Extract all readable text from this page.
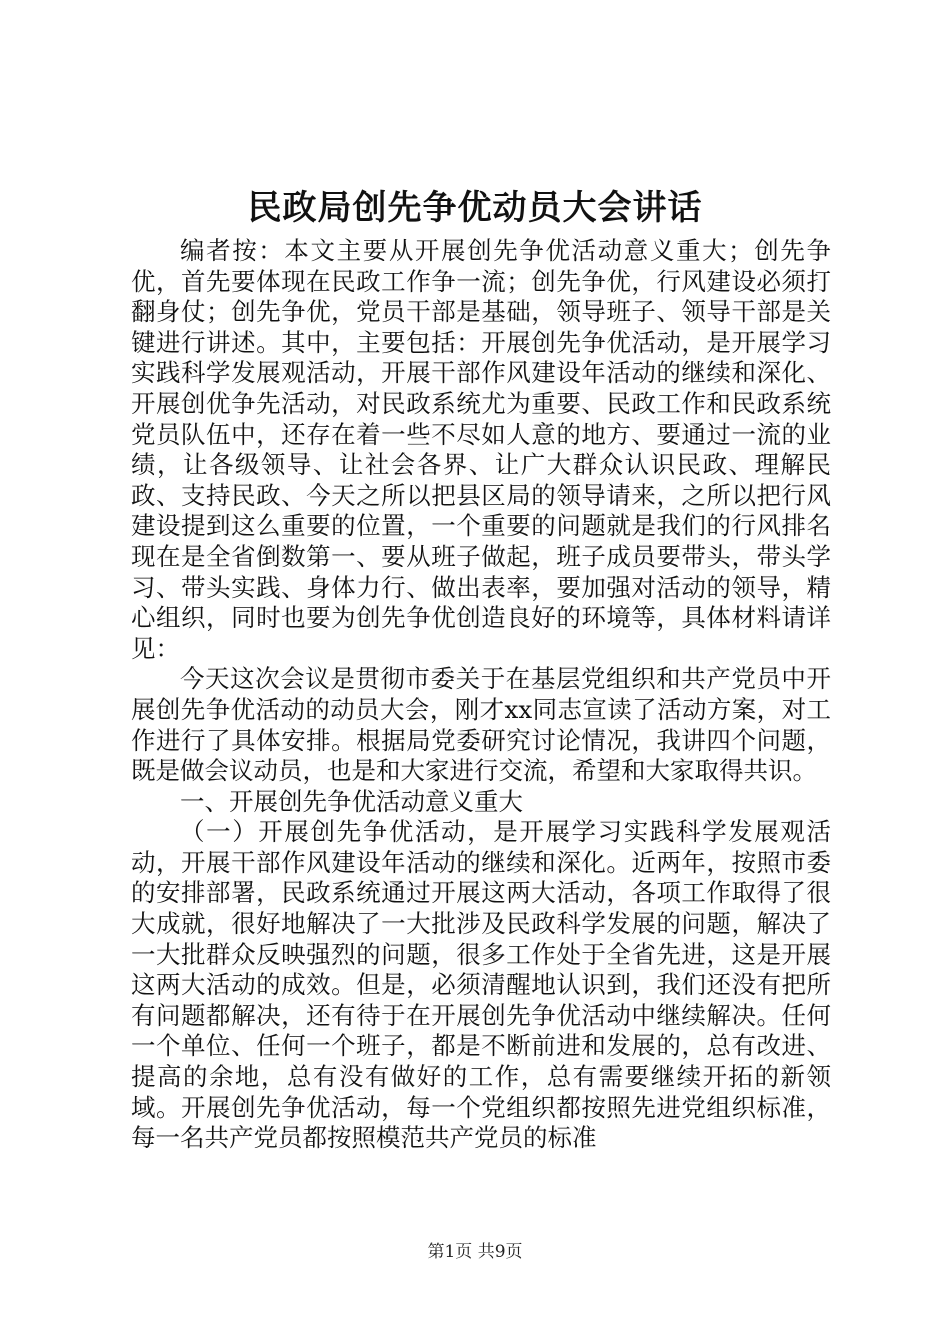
民政局创先争优动员大会讲话

编者按：本文主要从开展创先争优活动意义重大；创先争优，首先要体现在民政工作争一流；创先争优，行风建设必须打翻身仗；创先争优，党员干部是基础，领导班子、领导干部是关键进行讲述。其中，主要包括：开展创先争优活动，是开展学习实践科学发展观活动，开展干部作风建设年活动的继续和深化、开展创优争先活动，对民政系统尤为重要、民政工作和民政系统党员队伍中，还存在着一些不尽如人意的地方、要通过一流的业绩，让各级领导、让社会各界、让广大群众认识民政、理解民政、支持民政、今天之所以把县区局的领导请来，之所以把行风建设提到这么重要的位置，一个重要的问题就是我们的行风排名现在是全省倒数第一、要从班子做起，班子成员要带头，带头学习、带头实践、身体力行、做出表率，要加强对活动的领导，精心组织，同时也要为创先争优创造良好的环境等，具体材料请详见：

今天这次会议是贯彻市委关于在基层党组织和共产党员中开展创先争优活动的动员大会，刚才xx同志宣读了活动方案，对工作进行了具体安排。根据局党委研究讨论情况，我讲四个问题，既是做会议动员，也是和大家进行交流，希望和大家取得共识。

一、开展创先争优活动意义重大

（一）开展创先争优活动，是开展学习实践科学发展观活动，开展干部作风建设年活动的继续和深化。近两年，按照市委的安排部署，民政系统通过开展这两大活动，各项工作取得了很大成就，很好地解决了一大批涉及民政科学发展的问题，解决了一大批群众反映强烈的问题，很多工作处于全省先进，这是开展这两大活动的成效。但是，必须清醒地认识到，我们还没有把所有问题都解决，还有待于在开展创先争优活动中继续解决。任何一个单位、任何一个班子，都是不断前进和发展的，总有改进、提高的余地，总有没有做好的工作，总有需要继续开拓的新领域。开展创先争优活动，每一个党组织都按照先进党组织标准，每一名共产党员都按照模范共产党员的标准

第1页 共9页
